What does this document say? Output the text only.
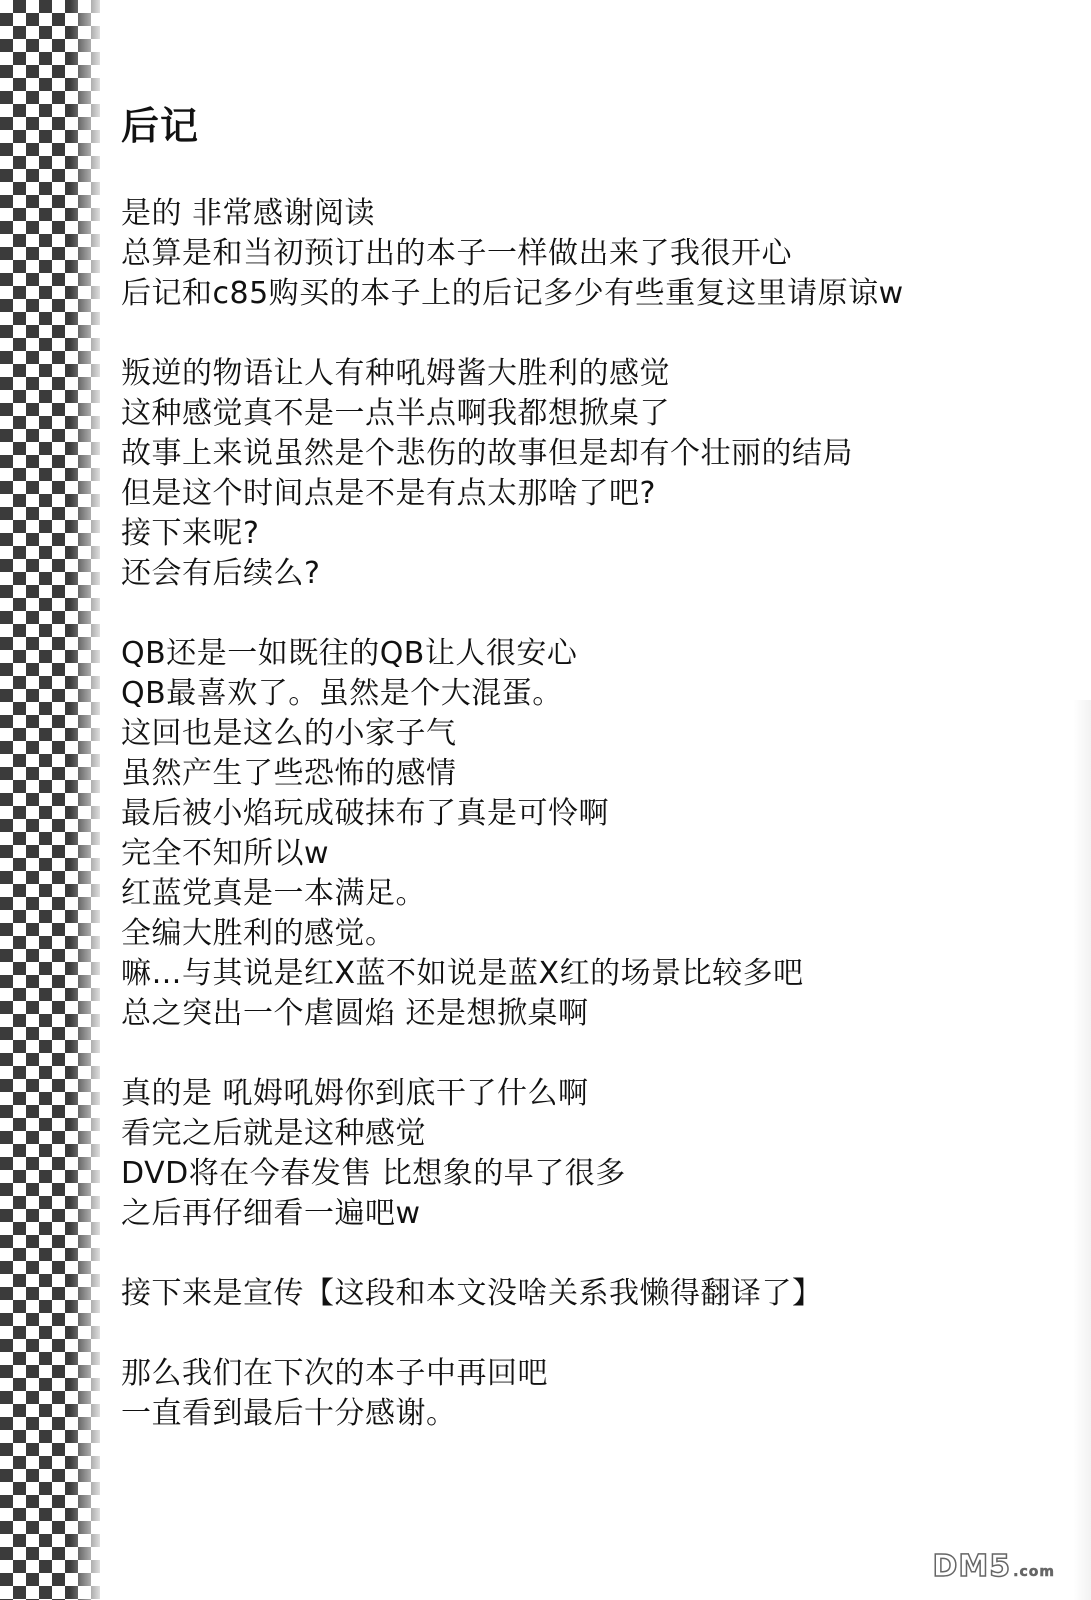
后记
是的 非常感谢阅读
总算是和当初预订出的本子一样做出来了我很开心
后记和c85购买的本子上的后记多少有些重复这里请原谅w
叛逆的物语让人有种吼姆酱大胜利的感觉
这种感觉真不是一点半点啊我都想掀桌了
故事上来说虽然是个悲伤的故事但是却有个壮丽的结局
但是这个时间点是不是有点太那啥了吧?
接下来呢?
还会有后续么?
QB还是一如既往的QB让人很安心
QB最喜欢了。虽然是个大混蛋。
这回也是这么的小家子气
虽然产生了些恐怖的感情
最后被小焰玩成破抹布了真是可怜啊
完全不知所以w
红蓝党真是一本满足。
全编大胜利的感觉。
嘛…与其说是红X蓝不如说是蓝X红的场景比较多吧
总之突出一个虐圆焰 还是想掀桌啊
真的是 吼姆吼姆你到底干了什么啊
看完之后就是这种感觉
DVD将在今春发售 比想象的早了很多
之后再仔细看一遍吧w
接下来是宣传【这段和本文没啥关系我懒得翻译了】
那么我们在下次的本子中再回吧
一直看到最后十分感谢。
DM5 .com
